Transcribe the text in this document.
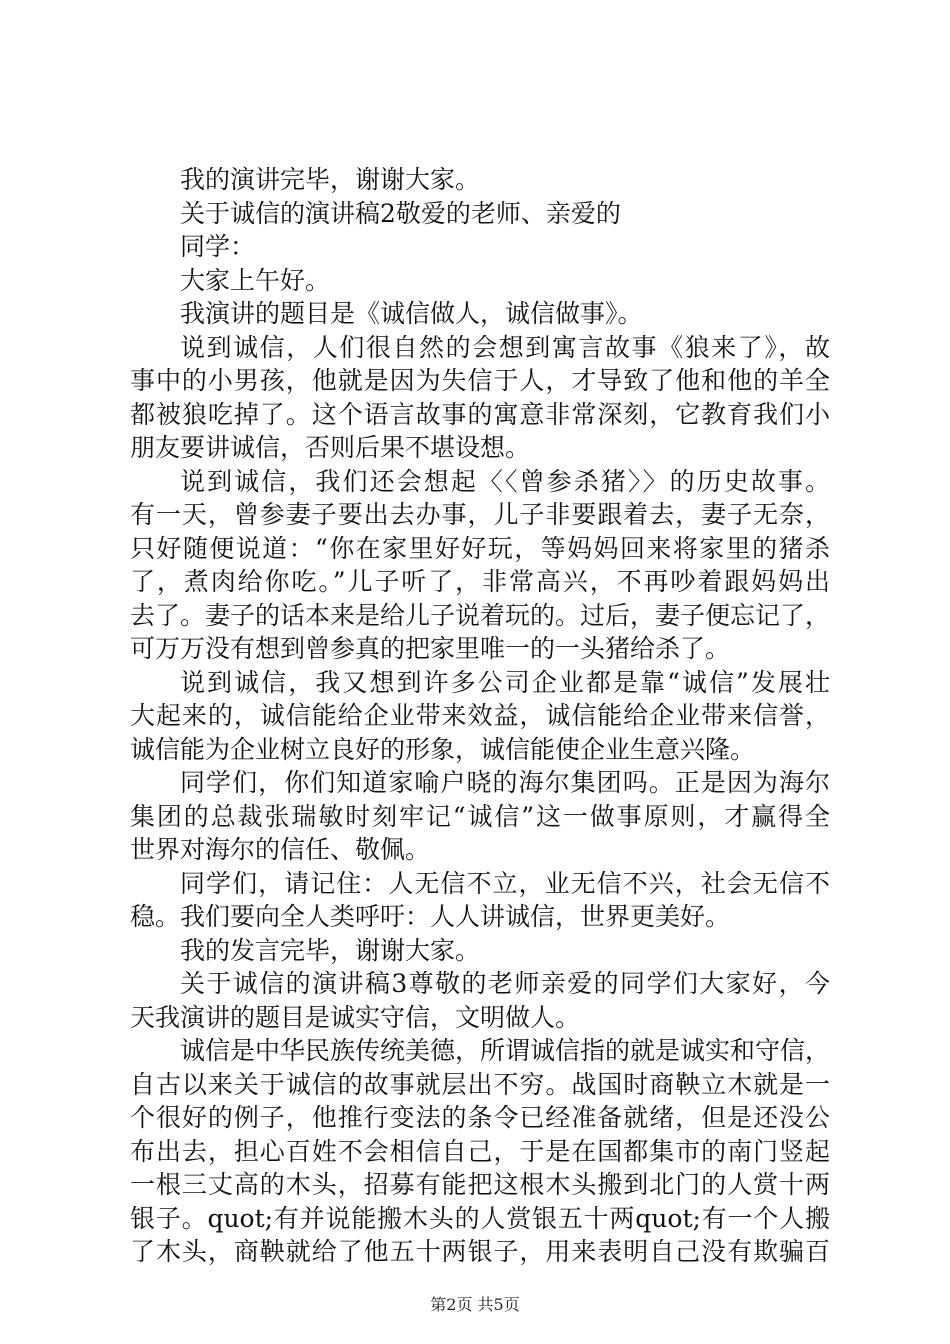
我的演讲完毕，谢谢大家。
关于诚信的演讲稿2敬爱的老师、亲爱的
同学：
大家上午好。
我演讲的题目是《诚信做人，诚信做事》。
说到诚信，人们很自然的会想到寓言故事《狼来了》，故
事中的小男孩，他就是因为失信于人，才导致了他和他的羊全
都被狼吃掉了。这个语言故事的寓意非常深刻，它教育我们小
朋友要讲诚信，否则后果不堪设想。
说到诚信，我们还会想起〈〈曾参杀猪〉〉的历史故事。
有一天，曾参妻子要出去办事，儿子非要跟着去，妻子无奈，
只好随便说道：“你在家里好好玩，等妈妈回来将家里的猪杀
了，煮肉给你吃。”儿子听了，非常高兴，不再吵着跟妈妈出
去了。妻子的话本来是给儿子说着玩的。过后，妻子便忘记了，
可万万没有想到曾参真的把家里唯一的一头猪给杀了。
说到诚信，我又想到许多公司企业都是靠“诚信”发展壮
大起来的，诚信能给企业带来效益，诚信能给企业带来信誉，
诚信能为企业树立良好的形象，诚信能使企业生意兴隆。
同学们，你们知道家喻户晓的海尔集团吗。正是因为海尔
集团的总裁张瑞敏时刻牢记“诚信”这一做事原则，才赢得全
世界对海尔的信任、敬佩。
同学们，请记住：人无信不立，业无信不兴，社会无信不
稳。我们要向全人类呼吁：人人讲诚信，世界更美好。
我的发言完毕，谢谢大家。
关于诚信的演讲稿3尊敬的老师亲爱的同学们大家好，今
天我演讲的题目是诚实守信，文明做人。
诚信是中华民族传统美德，所谓诚信指的就是诚实和守信，
自古以来关于诚信的故事就层出不穷。战国时商鞅立木就是一
个很好的例子，他推行变法的条令已经准备就绪，但是还没公
布出去，担心百姓不会相信自己，于是在国都集市的南门竖起
一根三丈高的木头，招募有能把这根木头搬到北门的人赏十两
银子。quot;有并说能搬木头的人赏银五十两quot;有一个人搬
了木头，商鞅就给了他五十两银子，用来表明自己没有欺骗百
第2页 共5页
